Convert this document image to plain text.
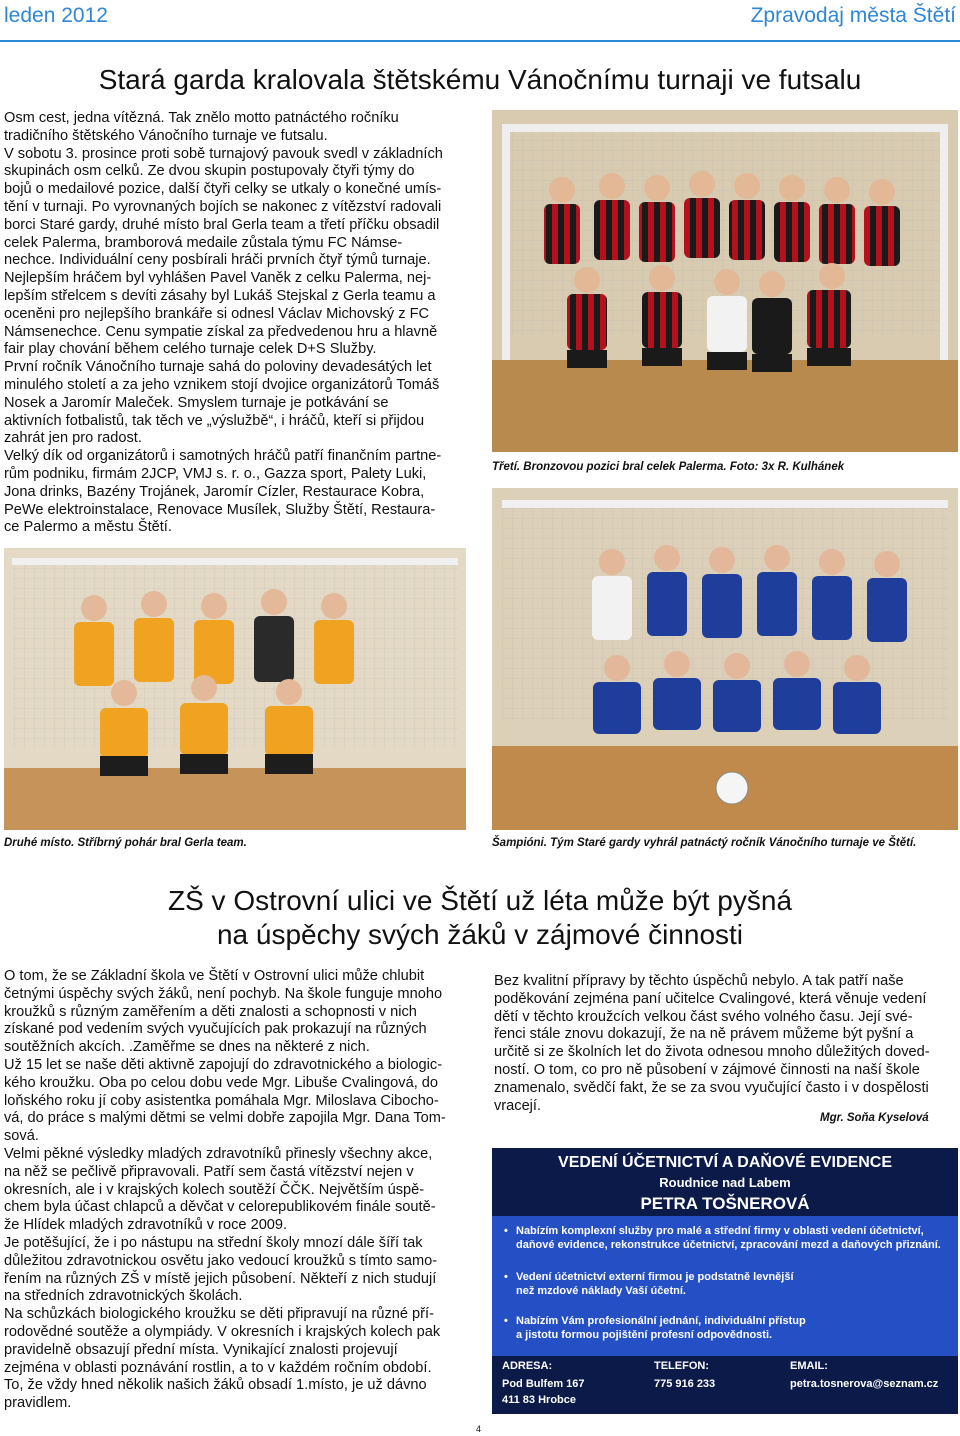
leden 2012	Zpravodaj města Štětí
Stará garda kralovala štětskému Vánočnímu turnaji ve futsalu

Osm cest, jedna vítězná. Tak znělo motto patnáctého ročníku

tradičního štětského Vánočního turnaje ve futsalu.

V sobotu 3. prosince proti sobě turnajový pavouk svedl v základních

skupinách osm celků. Ze dvou skupin postupovaly čtyři týmy do

bojů o medailové pozice, další čtyři celky se utkaly o konečné umís-

tění v turnaji. Po vyrovnaných bojích se nakonec z vítězství radovali

borci Staré gardy, druhé místo bral Gerla team a třetí příčku obsadil

celek Palerma, bramborová medaile zůstala týmu FC Námse-

nechce. Individuální ceny posbírali hráči prvních čtyř týmů turnaje.

Nejlepším hráčem byl vyhlášen Pavel Vaněk z celku Palerma, nej-

lepším střelcem s devíti zásahy byl Lukáš Stejskal z Gerla teamu a

oceněni pro nejlepšího brankáře si odnesl Václav Michovský z FC

Námsenechce. Cenu sympatie získal za předvedenou hru a hlavně

fair play chování během celého turnaje celek D+S Služby.

První ročník Vánočního turnaje sahá do poloviny devadesátých let

minulého století a za jeho vznikem stojí dvojice organizátorů Tomáš

Nosek a Jaromír Maleček. Smyslem turnaje je potkávání se

aktivních fotbalistů, tak těch ve „výslužbě“, i hráčů, kteří si přijdou

zahrát jen pro radost.

Velký dík od organizátorů i samotných hráčů patří finančním partne-

rům podniku, firmám 2JCP, VMJ s. r. o., Gazza sport, Palety Luki,

Jona drinks, Bazény Trojánek, Jaromír Cízler, Restaurace Kobra,

PeWe elektroinstalace, Renovace Musílek, Služby Štětí, Restaura-

ce Palermo a městu Štětí.

Třetí. Bronzovou pozici bral celek Palerma. Foto: 3x R. Kulhánek
Druhé místo. Stříbrný pohár bral Gerla team.	Šampióni. Tým Staré gardy vyhrál patnáctý ročník Vánočního turnaje ve Štětí.
ZŠ v Ostrovní ulici ve Štětí už léta může být pyšná
na úspěchy svých žáků v zájmové činnosti

O tom, že se Základní škola ve Štětí v Ostrovní ulici může chlubit

četnými úspěchy svých žáků, není pochyb. Na škole funguje mnoho

kroužků s různým zaměřením a děti znalosti a schopnosti v nich

získané pod vedením svých vyučujících pak prokazují na různých

soutěžních akcích. .Zaměřme se dnes na některé z nich.

Už 15 let se naše děti aktivně zapojují do zdravotnického a biologic-

kého kroužku. Oba po celou dobu vede Mgr. Libuše Cvalingová, do

loňského roku jí coby asistentka pomáhala Mgr. Miloslava Cibocho-

vá, do práce s malými dětmi se velmi dobře zapojila Mgr. Dana Tom-

sová.

Velmi pěkné výsledky mladých zdravotníků přinesly všechny akce,

na něž se pečlivě připravovali. Patří sem častá vítězství nejen v

okresních, ale i v krajských kolech soutěží ČČK. Největším úspě-

chem byla účast chlapců a děvčat v celorepublikovém finále soutě-

že Hlídek mladých zdravotníků v roce 2009.

Je potěšující, že i po nástupu na střední školy mnozí dále šíří tak

důležitou zdravotnickou osvětu jako vedoucí kroužků s tímto samo-

řením na různých ZŠ v místě jejich působení. Někteří z nich studují

na středních zdravotnických školách.

Na schůzkách biologického kroužku se děti připravují na různé pří-

rodovědné soutěže a olympiády. V okresních i krajských kolech pak

pravidelně obsazují přední místa. Vynikající znalosti projevují

zejména v oblasti poznávání rostlin, a to v každém ročním období.

To, že vždy hned několik našich žáků obsadí 1.místo, je už dávno

pravidlem.

Bez kvalitní přípravy by těchto úspěchů nebylo. A tak patří naše

poděkování zejména paní učitelce Cvalingové, která věnuje vedení

dětí v těchto kroužcích velkou část svého volného času. Její své-

řenci stále znovu dokazují, že na ně právem můžeme být pyšní a

určitě si ze školních let do života odnesou mnoho důležitých doved-

ností. O tom, co pro ně působení v zájmové činnosti na naší škole

znamenalo, svědčí fakt, že se za svou vyučující často i v dospělosti

vracejí.

Mgr. Soňa Kyselová
VEDENÍ ÚČETNICTVÍ A DAŇOVÉ EVIDENCE
Roudnice nad Labem
PETRA TOŠNEROVÁ
• Nabízím komplexní služby pro malé a střední firmy v oblasti vedení účetnictví,
daňové evidence, rekonstrukce účetnictví, zpracování mezd a daňových přiznání.
• Vedení účetnictví externí firmou je podstatně levnější
než mzdové náklady Vaší účetní.
• Nabízím Vám profesionální jednání, individuální přístup
a jistotu formou pojištění profesní odpovědnosti.
ADRESA:
Pod Bulfem 167
411 83 Hrobce
TELEFON:
775 916 233
EMAIL:
petra.tosnerova@seznam.cz
4
